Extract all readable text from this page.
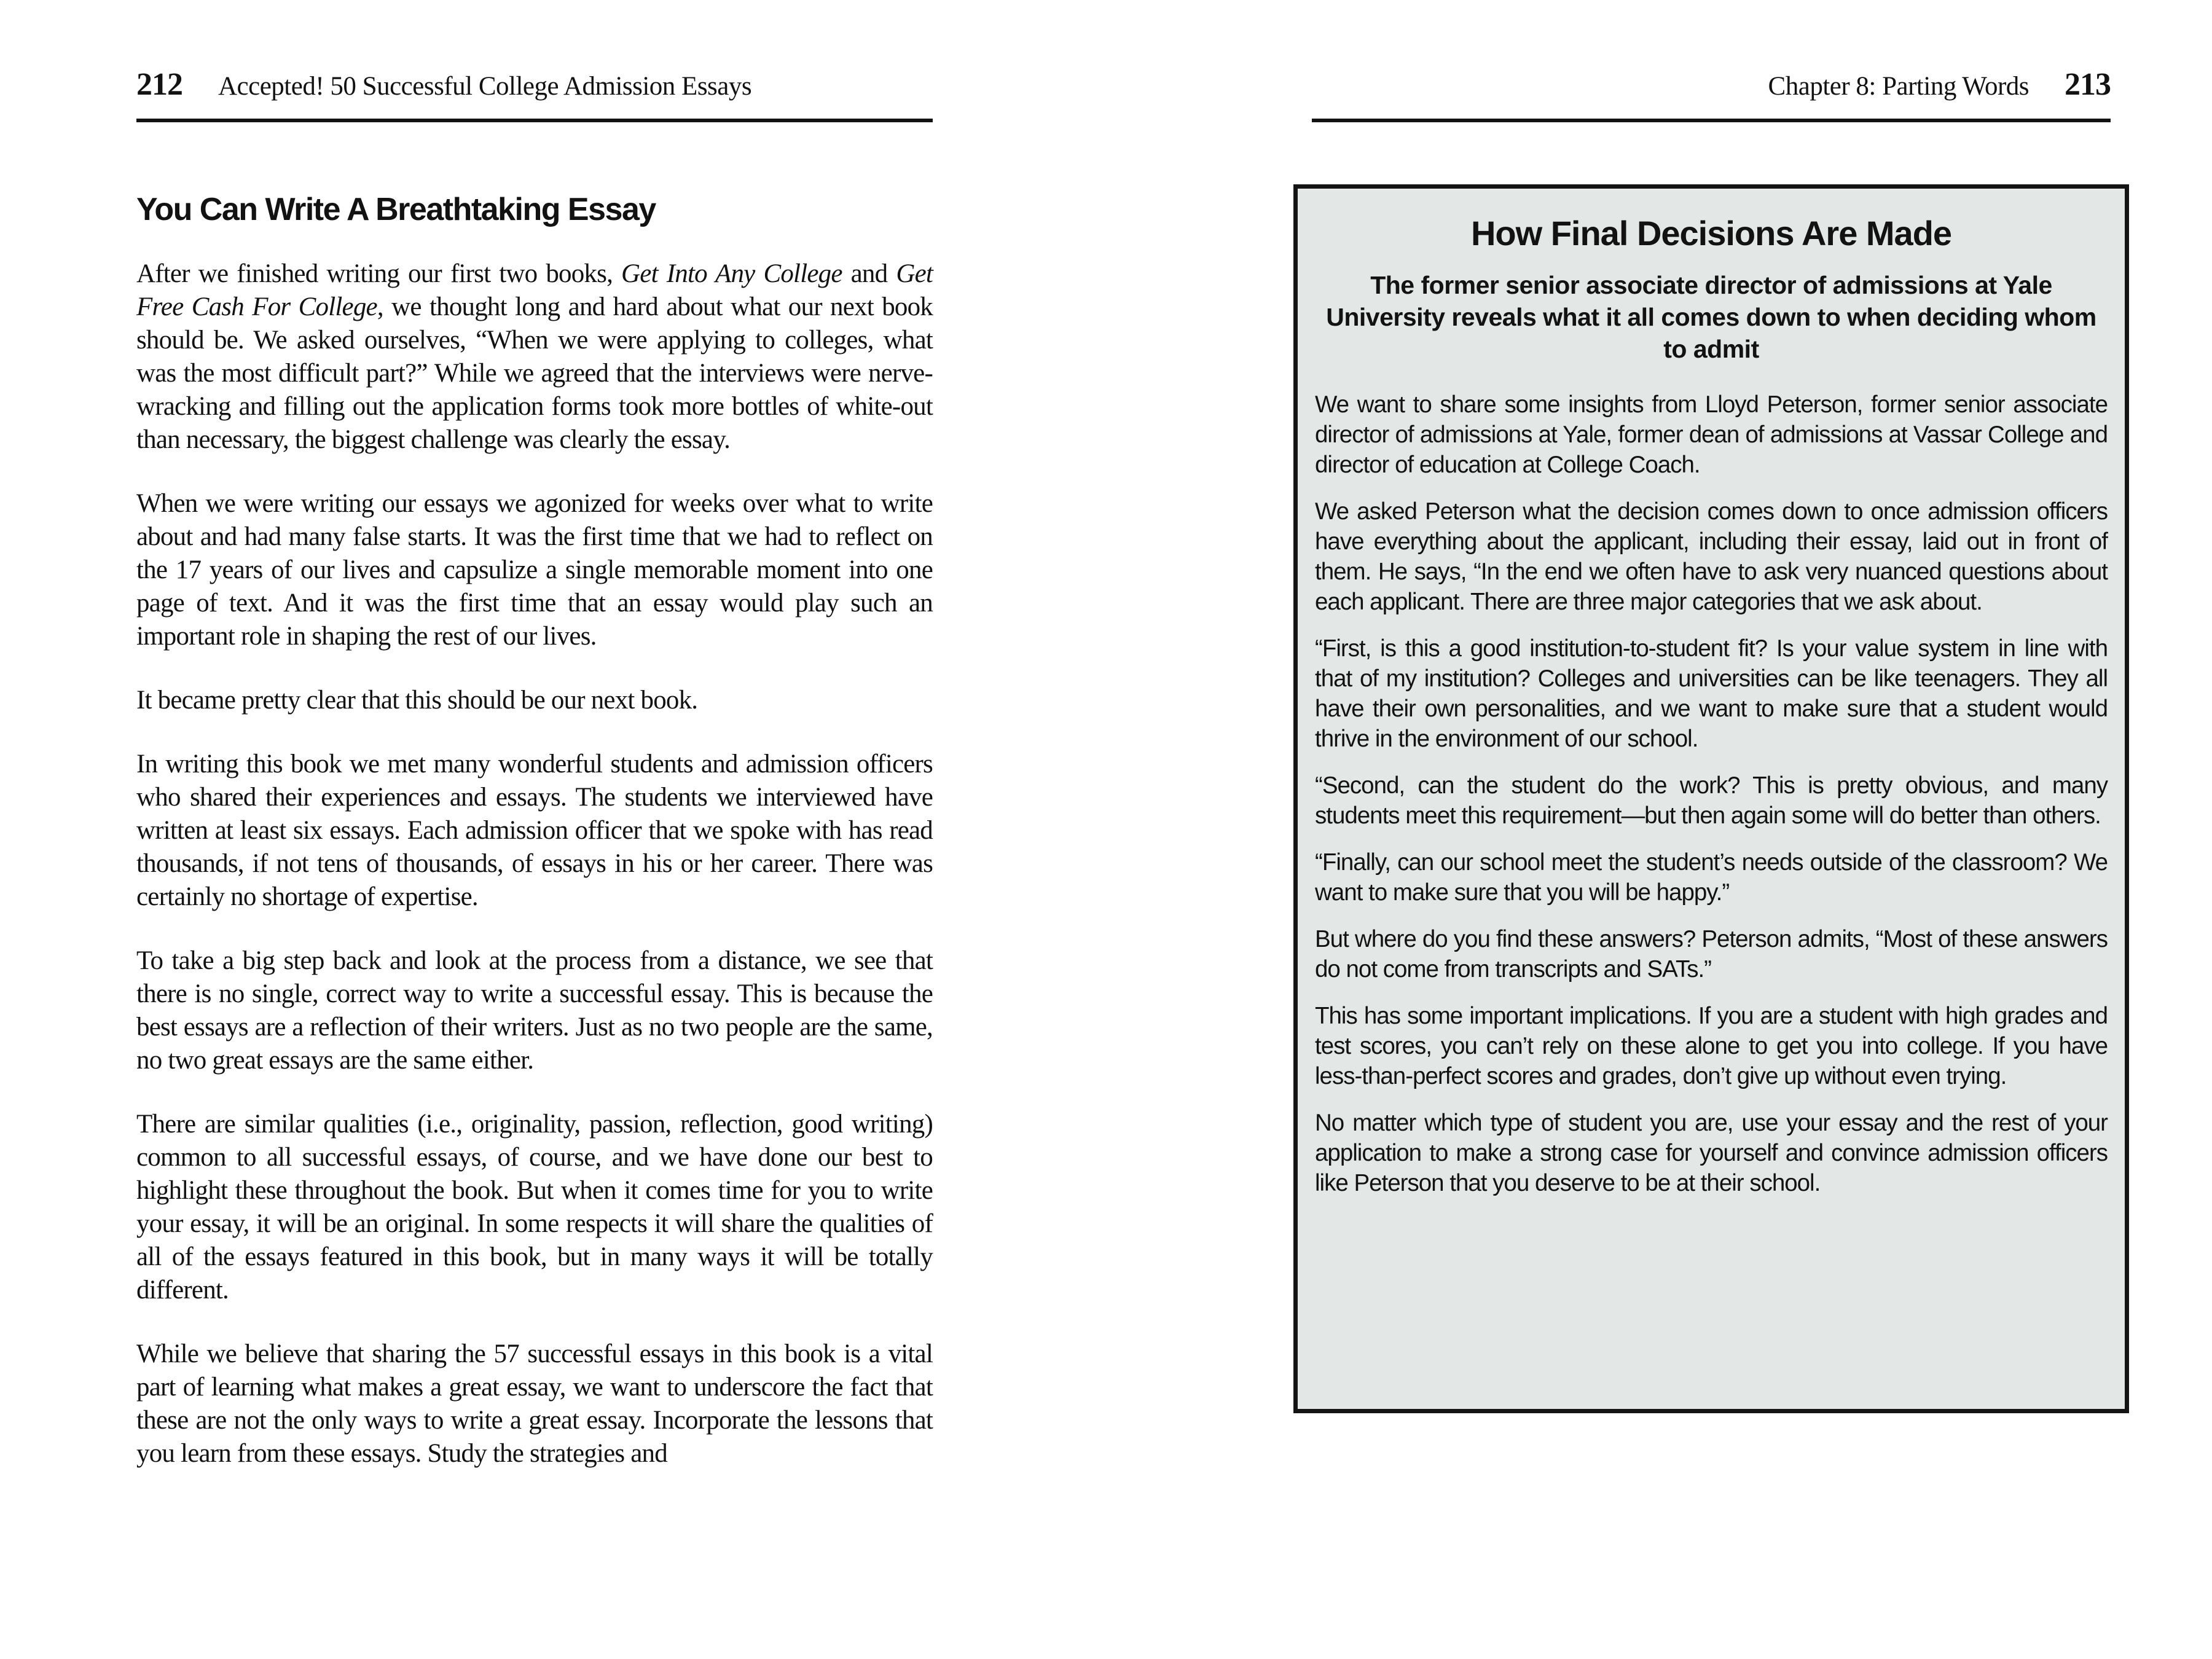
212 Accepted! 50 Successful College Admission Essays
You Can Write A Breathtaking Essay

After we finished writing our first two books, Get Into Any College and Get Free Cash For College, we thought long and hard about what our next book should be. We asked ourselves, “When we were applying to colleges, what was the most difficult part?” While we agreed that the interviews were nerve-wracking and filling out the application forms took more bottles of white-out than necessary, the biggest challenge was clearly the essay.

When we were writing our essays we agonized for weeks over what to write about and had many false starts. It was the first time that we had to reflect on the 17 years of our lives and capsulize a single memorable moment into one page of text. And it was the first time that an essay would play such an important role in shaping the rest of our lives.

It became pretty clear that this should be our next book.

In writing this book we met many wonderful students and admission officers who shared their experiences and essays. The students we interviewed have written at least six essays. Each admission officer that we spoke with has read thousands, if not tens of thousands, of essays in his or her career. There was certainly no shortage of expertise.

To take a big step back and look at the process from a distance, we see that there is no single, correct way to write a successful essay. This is because the best essays are a reflection of their writers. Just as no two people are the same, no two great essays are the same either.

There are similar qualities (i.e., originality, passion, reflection, good writing) common to all successful essays, of course, and we have done our best to highlight these throughout the book. But when it comes time for you to write your essay, it will be an original. In some respects it will share the qualities of all of the essays featured in this book, but in many ways it will be totally different.

While we believe that sharing the 57 successful essays in this book is a vital part of learning what makes a great essay, we want to underscore the fact that these are not the only ways to write a great essay. Incorporate the lessons that you learn from these essays. Study the strategies and

Chapter 8: Parting Words 213
How Final Decisions Are Made
The former senior associate director of admissions at Yale University reveals what it all comes down to when deciding whom to admit

We want to share some insights from Lloyd Peterson, former senior associate director of admissions at Yale, former dean of admissions at Vassar College and director of education at College Coach.

We asked Peterson what the decision comes down to once admission officers have everything about the applicant, including their essay, laid out in front of them. He says, “In the end we often have to ask very nuanced questions about each applicant. There are three major categories that we ask about.

“First, is this a good institution-to-student fit? Is your value system in line with that of my institution? Colleges and universities can be like teenagers. They all have their own personalities, and we want to make sure that a student would thrive in the environment of our school.

“Second, can the student do the work? This is pretty obvious, and many students meet this requirement—but then again some will do better than others.

“Finally, can our school meet the student’s needs outside of the classroom? We want to make sure that you will be happy.”

But where do you find these answers? Peterson admits, “Most of these answers do not come from transcripts and SATs.”

This has some important implications. If you are a student with high grades and test scores, you can’t rely on these alone to get you into college. If you have less-than-perfect scores and grades, don’t give up without even trying.

No matter which type of student you are, use your essay and the rest of your application to make a strong case for yourself and convince admission officers like Peterson that you deserve to be at their school.
